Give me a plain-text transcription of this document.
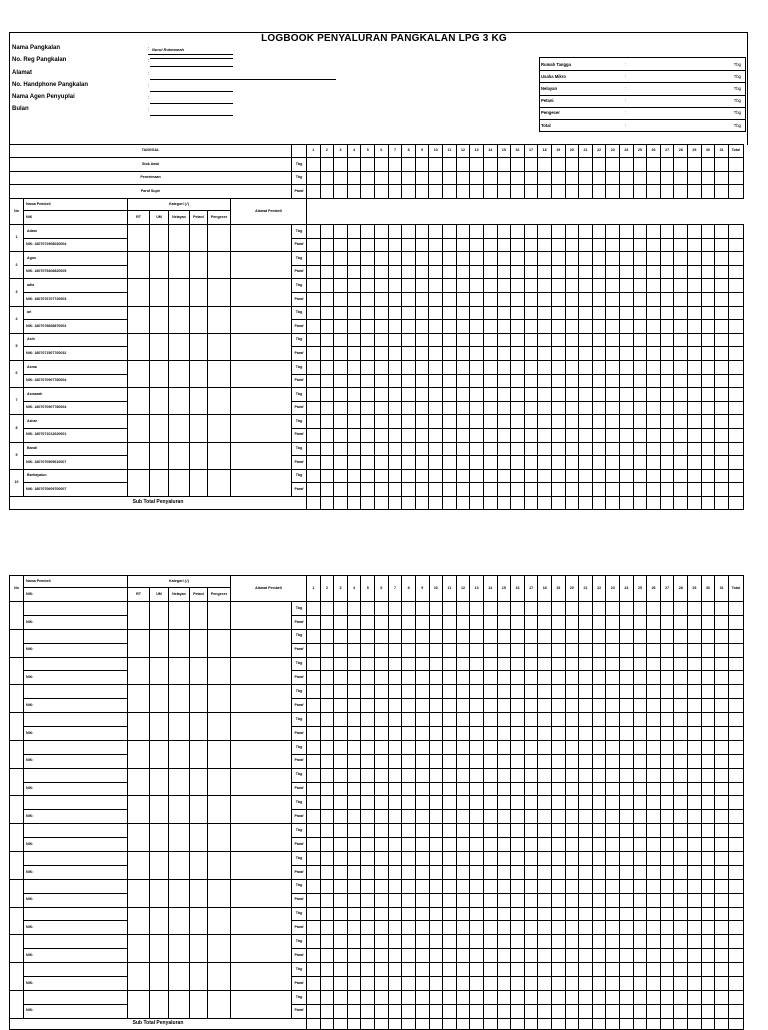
LOGBOOK PENYALURAN PANGKALAN LPG 3 KG
Nama Pangkalan	: Nurul Rukmanah
No. Reg Pangkalan	:
Alamat	:
No. Handphone Pangkalan	:
Nama Agen Penyuplai	:
Bulan	:
Rumah Tangga	:	Tbg
Usaha Mikro	:	Tbg
Nelayan	:	Tbg
Petani	:	Tbg
Pengecer	:	Tbg
Total	:	Tbg
TANGGAL									1	2	3	4	5	6	7	8	9	10	11	12	13	14	15	16	17	18	19	20	21	22	23	24	25	26	27	28	29	30	31	Total
Stok Awal								Tbg																																
Penerimaan								Tbg																																
Paraf Supir								Paraf																																
No	Nama Pembeli	Kategori (√)					Alamat Pembeli																																	
	NIK	RT	UM	Nelayan	Petani	Pengecer																																		
1	Adam							Tbg																																
	NIK: 1807072908030004							Paraf																																
2	Agus							Tbg																																
	NIK: 1807075408820005							Paraf																																
3	adia							Tbg																																
	NIK: 1807076707720003							Paraf																																
4	ari							Tbg																																
	NIK: 1807078608870002							Paraf																																
5	Asih							Tbg																																
	NIK: 1807071507760032							Paraf																																
6	Asma							Tbg																																
	NIK: 1807070907780004							Paraf																																
7	Asmarah							Tbg																																
	NIK: 1807070907780004							Paraf																																
8	Azhar							Tbg																																
	NIK: 1807071012620001							Paraf																																
9	Bandi							Tbg																																
	NIK: 1807070509610007							Paraf																																
10	Barhayalun							Tbg																																
	NIK: 1807070609700007							Paraf																																
Sub Total Penyaluran																																								
No	Nama Pembeli	Kategori (√)					Alamat Pembeli		1	2	3	4	5	6	7	8	9	10	11	12	13	14	15	16	17	18	19	20	21	22	23	24	25	26	27	28	29	30	31	Total
	NIK:	RT	UM	Nelayan	Petani	Pengecer																																		
								Tbg																																
	NIK:							Paraf																																
								Tbg																																
	NIK:							Paraf																																
								Tbg																																
	NIK:							Paraf																																
								Tbg																																
	NIK:							Paraf																																
								Tbg																																
	NIK:							Paraf																																
								Tbg																																
	NIK:							Paraf																																
								Tbg																																
	NIK:							Paraf																																
								Tbg																																
	NIK:							Paraf																																
								Tbg																																
	NIK:							Paraf																																
								Tbg																																
	NIK:							Paraf																																
								Tbg																																
	NIK:							Paraf																																
								Tbg																																
	NIK:							Paraf																																
								Tbg																																
	NIK:							Paraf																																
								Tbg																																
	NIK:							Paraf																																
								Tbg																																
	NIK:							Paraf																																
Sub Total Penyaluran																																								
